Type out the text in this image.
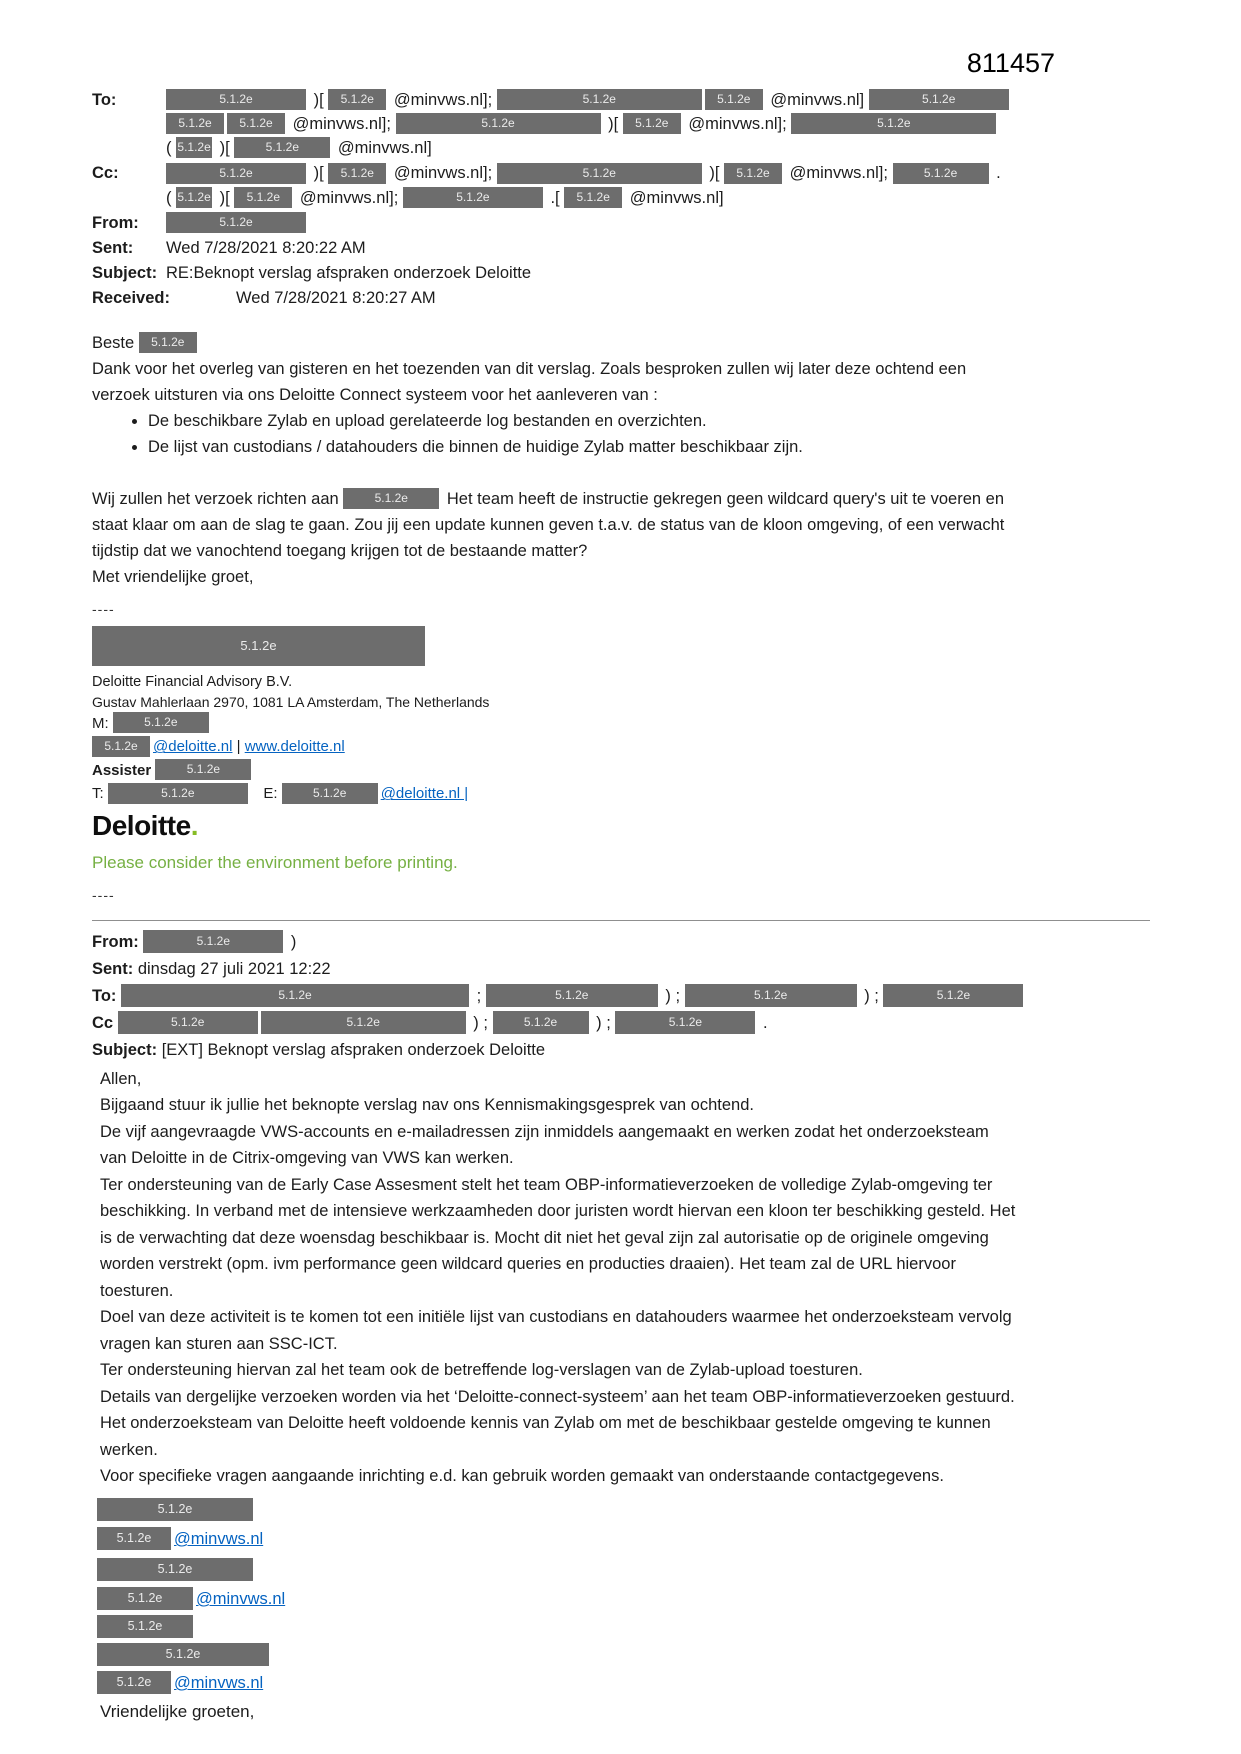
811457
To:	5.1.2e	)[ 5.1.2e @minvws.nl];	5.1.2e	5.1.2e @minvws.nl]	5.1.2e
5.1.2e 5.1.2e @minvws.nl];	5.1.2e	)[ 5.1.2e @minvws.nl];	5.1.2e
( 5.1.2e )[	5.1.2e @minvws.nl]
Cc:	5.1.2e	)[ 5.1.2e @minvws.nl];	5.1.2e	)[ 5.1.2e @minvws.nl];	5.1.2e .
( 5.1.2e )[ 5.1.2e @minvws.nl];	5.1.2e	.[ 5.1.2e @minvws.nl]
From:	5.1.2e
Sent:	Wed 7/28/2021 8:20:22 AM
Subject: RE:Beknopt verslag afspraken onderzoek Deloitte
Received:	Wed 7/28/2021 8:20:27 AM

Beste 5.1.2e

Dank voor het overleg van gisteren en het toezenden van dit verslag. Zoals besproken zullen wij later deze ochtend een verzoek uitsturen via ons Deloitte Connect systeem voor het aanleveren van :

• De beschikbare Zylab en upload gerelateerde log bestanden en overzichten.
• De lijst van custodians / datahouders die binnen de huidige Zylab matter beschikbaar zijn.

Wij zullen het verzoek richten aan	5.1.2e Het team heeft de instructie gekregen geen wildcard query's uit te voeren en staat klaar om aan de slag te gaan. Zou jij een update kunnen geven t.a.v. de status van de kloon omgeving, of een verwacht tijdstip dat we vanochtend toegang krijgen tot de bestaande matter?

Met vriendelijke groet,

----
5.1.2e
Deloitte Financial Advisory B.V.
Gustav Mahlerlaan 2970, 1081 LA Amsterdam, The Netherlands
M:	5.1.2e
5.1.2e @deloitte.nl | www.deloitte.nl
Assister	5.1.2e
T:	5.1.2e	E:	5.1.2e @deloitte.nl |
Deloitte.
Please consider the environment before printing.
----
From:	5.1.2e	)
Sent: dinsdag 27 juli 2021 12:22
To:	5.1.2e	;	5.1.2e	) ;	5.1.2e	) ;	5.1.2e
Cc	5.1.2e	5.1.2e	) ;	5.1.2e ) ;	5.1.2e	.
Subject: [EXT] Beknopt verslag afspraken onderzoek Deloitte

Allen,

Bijgaand stuur ik jullie het beknopte verslag nav ons Kennismakingsgesprek van ochtend.

De vijf aangevraagde VWS-accounts en e-mailadressen zijn inmiddels aangemaakt en werken zodat het onderzoeksteam van Deloitte in de Citrix-omgeving van VWS kan werken.

Ter ondersteuning van de Early Case Assesment stelt het team OBP-informatieverzoeken de volledige Zylab-omgeving ter beschikking. In verband met de intensieve werkzaamheden door juristen wordt hiervan een kloon ter beschikking gesteld. Het is de verwachting dat deze woensdag beschikbaar is. Mocht dit niet het geval zijn zal autorisatie op de originele omgeving worden verstrekt (opm. ivm performance geen wildcard queries en producties draaien). Het team zal de URL hiervoor toesturen.

Doel van deze activiteit is te komen tot een initiële lijst van custodians en datahouders waarmee het onderzoeksteam vervolg vragen kan sturen aan SSC-ICT.

Ter ondersteuning hiervan zal het team ook de betreffende log-verslagen van de Zylab-upload toesturen.

Details van dergelijke verzoeken worden via het ‘Deloitte-connect-systeem’ aan het team OBP-informatieverzoeken gestuurd.

Het onderzoeksteam van Deloitte heeft voldoende kennis van Zylab om met de beschikbaar gestelde omgeving te kunnen werken.

Voor specifieke vragen aangaande inrichting e.d. kan gebruik worden gemaakt van onderstaande contactgegevens.

5.1.2e
5.1.2e @minvws.nl
5.1.2e
5.1.2e @minvws.nl
5.1.2e
5.1.2e
5.1.2e @minvws.nl
Vriendelijke groeten,
